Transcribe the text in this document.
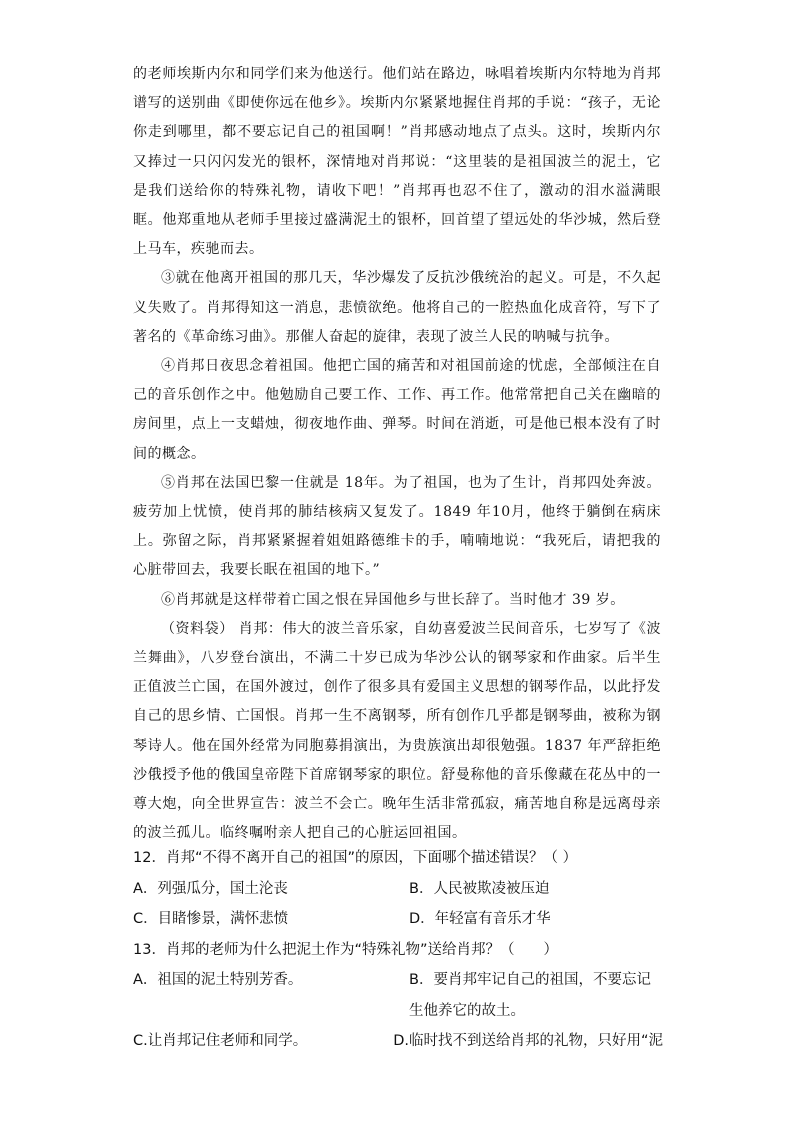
的老师埃斯内尔和同学们来为他送行。他们站在路边，咏唱着埃斯内尔特地为肖邦谱写的送别曲《即使你远在他乡》。埃斯内尔紧紧地握住肖邦的手说：“孩子，无论你走到哪里，都不要忘记自己的祖国啊！”肖邦感动地点了点头。这时，埃斯内尔又捧过一只闪闪发光的银杯，深情地对肖邦说：“这里装的是祖国波兰的泥土，它是我们送给你的特殊礼物，请收下吧！”肖邦再也忍不住了，激动的泪水溢满眼眶。他郑重地从老师手里接过盛满泥土的银杯，回首望了望远处的华沙城，然后登上马车，疾驰而去。

③就在他离开祖国的那几天，华沙爆发了反抗沙俄统治的起义。可是，不久起义失败了。肖邦得知这一消息，悲愤欲绝。他将自己的一腔热血化成音符，写下了著名的《革命练习曲》。那催人奋起的旋律，表现了波兰人民的呐喊与抗争。

④肖邦日夜思念着祖国。他把亡国的痛苦和对祖国前途的忧虑，全部倾注在自己的音乐创作之中。他勉励自己要工作、工作、再工作。他常常把自己关在幽暗的房间里，点上一支蜡烛，彻夜地作曲、弹琴。时间在消逝，可是他已根本没有了时间的概念。

⑤肖邦在法国巴黎一住就是 18年。为了祖国，也为了生计，肖邦四处奔波。疲劳加上忧愤，使肖邦的肺结核病又复发了。1849 年10月，他终于躺倒在病床上。弥留之际，肖邦紧紧握着姐姐路德维卡的手，喃喃地说：“我死后，请把我的心脏带回去，我要长眠在祖国的地下。”

⑥肖邦就是这样带着亡国之恨在异国他乡与世长辞了。当时他才 39 岁。

（资料袋） 肖邦：伟大的波兰音乐家，自幼喜爱波兰民间音乐，七岁写了《波兰舞曲》，八岁登台演出，不满二十岁已成为华沙公认的钢琴家和作曲家。后半生正值波兰亡国，在国外渡过，创作了很多具有爱国主义思想的钢琴作品，以此抒发自己的思乡情、亡国恨。肖邦一生不离钢琴，所有创作几乎都是钢琴曲，被称为钢琴诗人。他在国外经常为同胞募捐演出，为贵族演出却很勉强。1837 年严辞拒绝沙俄授予他的俄国皇帝陛下首席钢琴家的职位。舒曼称他的音乐像藏在花丛中的一尊大炮，向全世界宣告：波兰不会亡。晚年生活非常孤寂，痛苦地自称是远离母亲的波兰孤儿。临终嘱咐亲人把自己的心脏运回祖国。

12．肖邦“不得不离开自己的祖国”的原因，下面哪个描述错误？（ ）

A．列强瓜分，国土沦丧	B．人民被欺凌被压迫
C．目睹惨景，满怀悲愤	D．年轻富有音乐才华

13．肖邦的老师为什么把泥土作为“特殊礼物”送给肖邦？（　　）

A．祖国的泥土特别芳香。	B．要肖邦牢记自己的祖国，不要忘记生他养它的故土。
C.让肖邦记住老师和同学。	D.临时找不到送给肖邦的礼物，只好用“泥
